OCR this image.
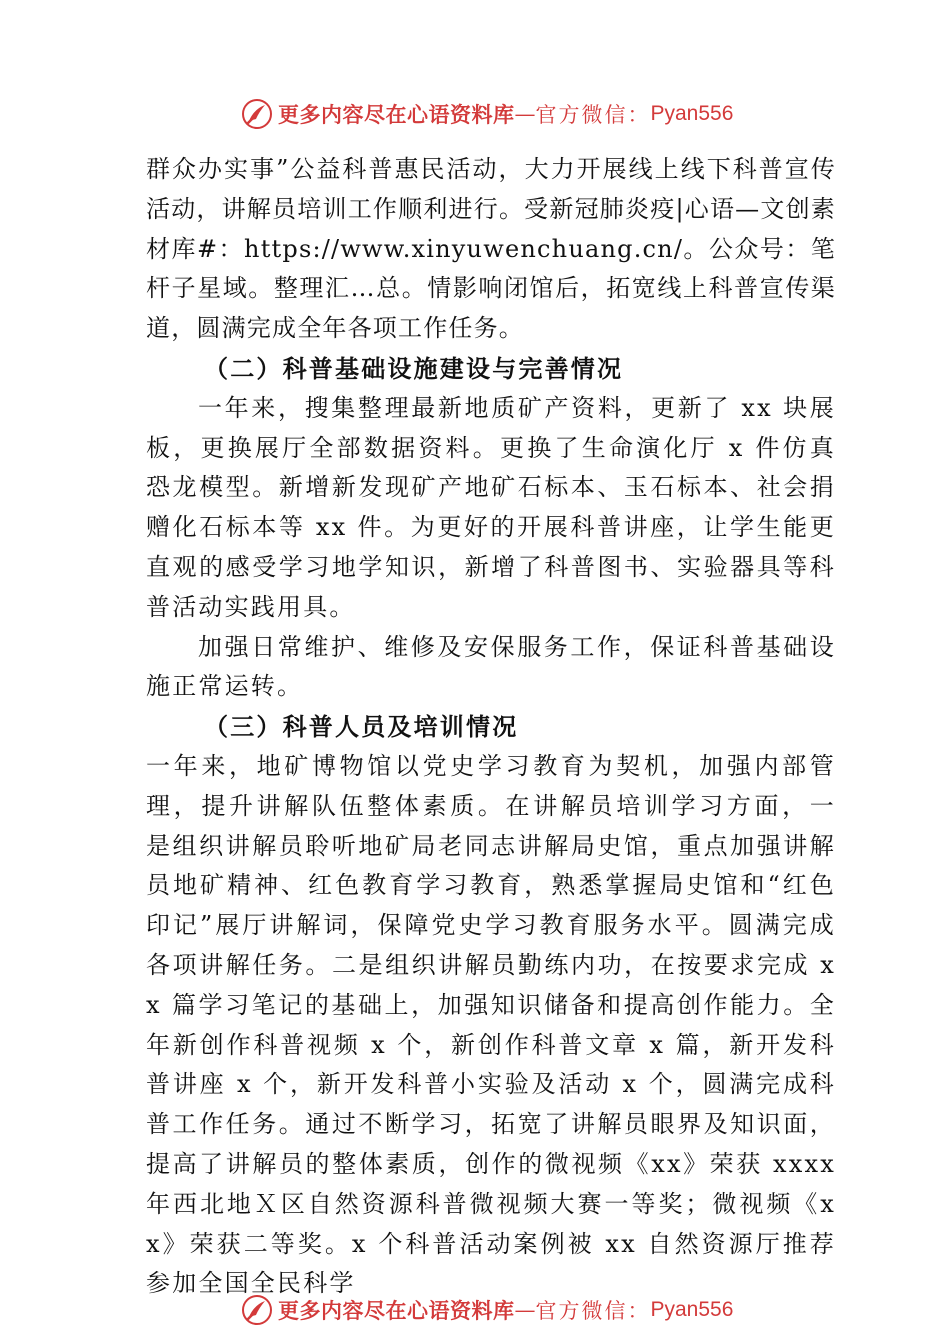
更多内容尽在心语资料库 — 官方微信： Pyan556

群众办实事”公益科普惠民活动，大力开展线上线下科普宣传活动，讲解员培训工作顺利进行。受新冠肺炎疫|心语—文创素材库#：https://www.xinyuwenchuang.cn/。公众号：笔杆子星域。整理汇…总。情影响闭馆后，拓宽线上科普宣传渠道，圆满完成全年各项工作任务。

（二）科普基础设施建设与完善情况

一年来，搜集整理最新地质矿产资料，更新了 xx 块展板，更换展厅全部数据资料。更换了生命演化厅 x 件仿真恐龙模型。新增新发现矿产地矿石标本、玉石标本、社会捐赠化石标本等 xx 件。为更好的开展科普讲座，让学生能更直观的感受学习地学知识，新增了科普图书、实验器具等科普活动实践用具。

加强日常维护、维修及安保服务工作，保证科普基础设施正常运转。

（三）科普人员及培训情况

一年来，地矿博物馆以党史学习教育为契机，加强内部管理，提升讲解队伍整体素质。在讲解员培训学习方面，一 是组织讲解员聆听地矿局老同志讲解局史馆，重点加强讲解员地矿精神、红色教育学习教育，熟悉掌握局史馆和“红色印记”展厅讲解词，保障党史学习教育服务水平。圆满完成各项讲解任务。二是组织讲解员勤练内功，在按要求完成 xx 篇学习笔记的基础上，加强知识储备和提高创作能力。全年新创作科普视频 x 个，新创作科普文章 x 篇，新开发科普讲座 x 个，新开发科普小实验及活动 x 个，圆满完成科普工作任务。通过不断学习，拓宽了讲解员眼界及知识面，提高了讲解员的整体素质，创作的微视频《xx》荣获 xxxx 年西北地Ｘ区自然资源科普微视频大赛一等奖；微视频《xx》荣获二等奖。x 个科普活动案例被 xx 自然资源厅推荐参加全国全民科学

更多内容尽在心语资料库 — 官方微信： Pyan556
